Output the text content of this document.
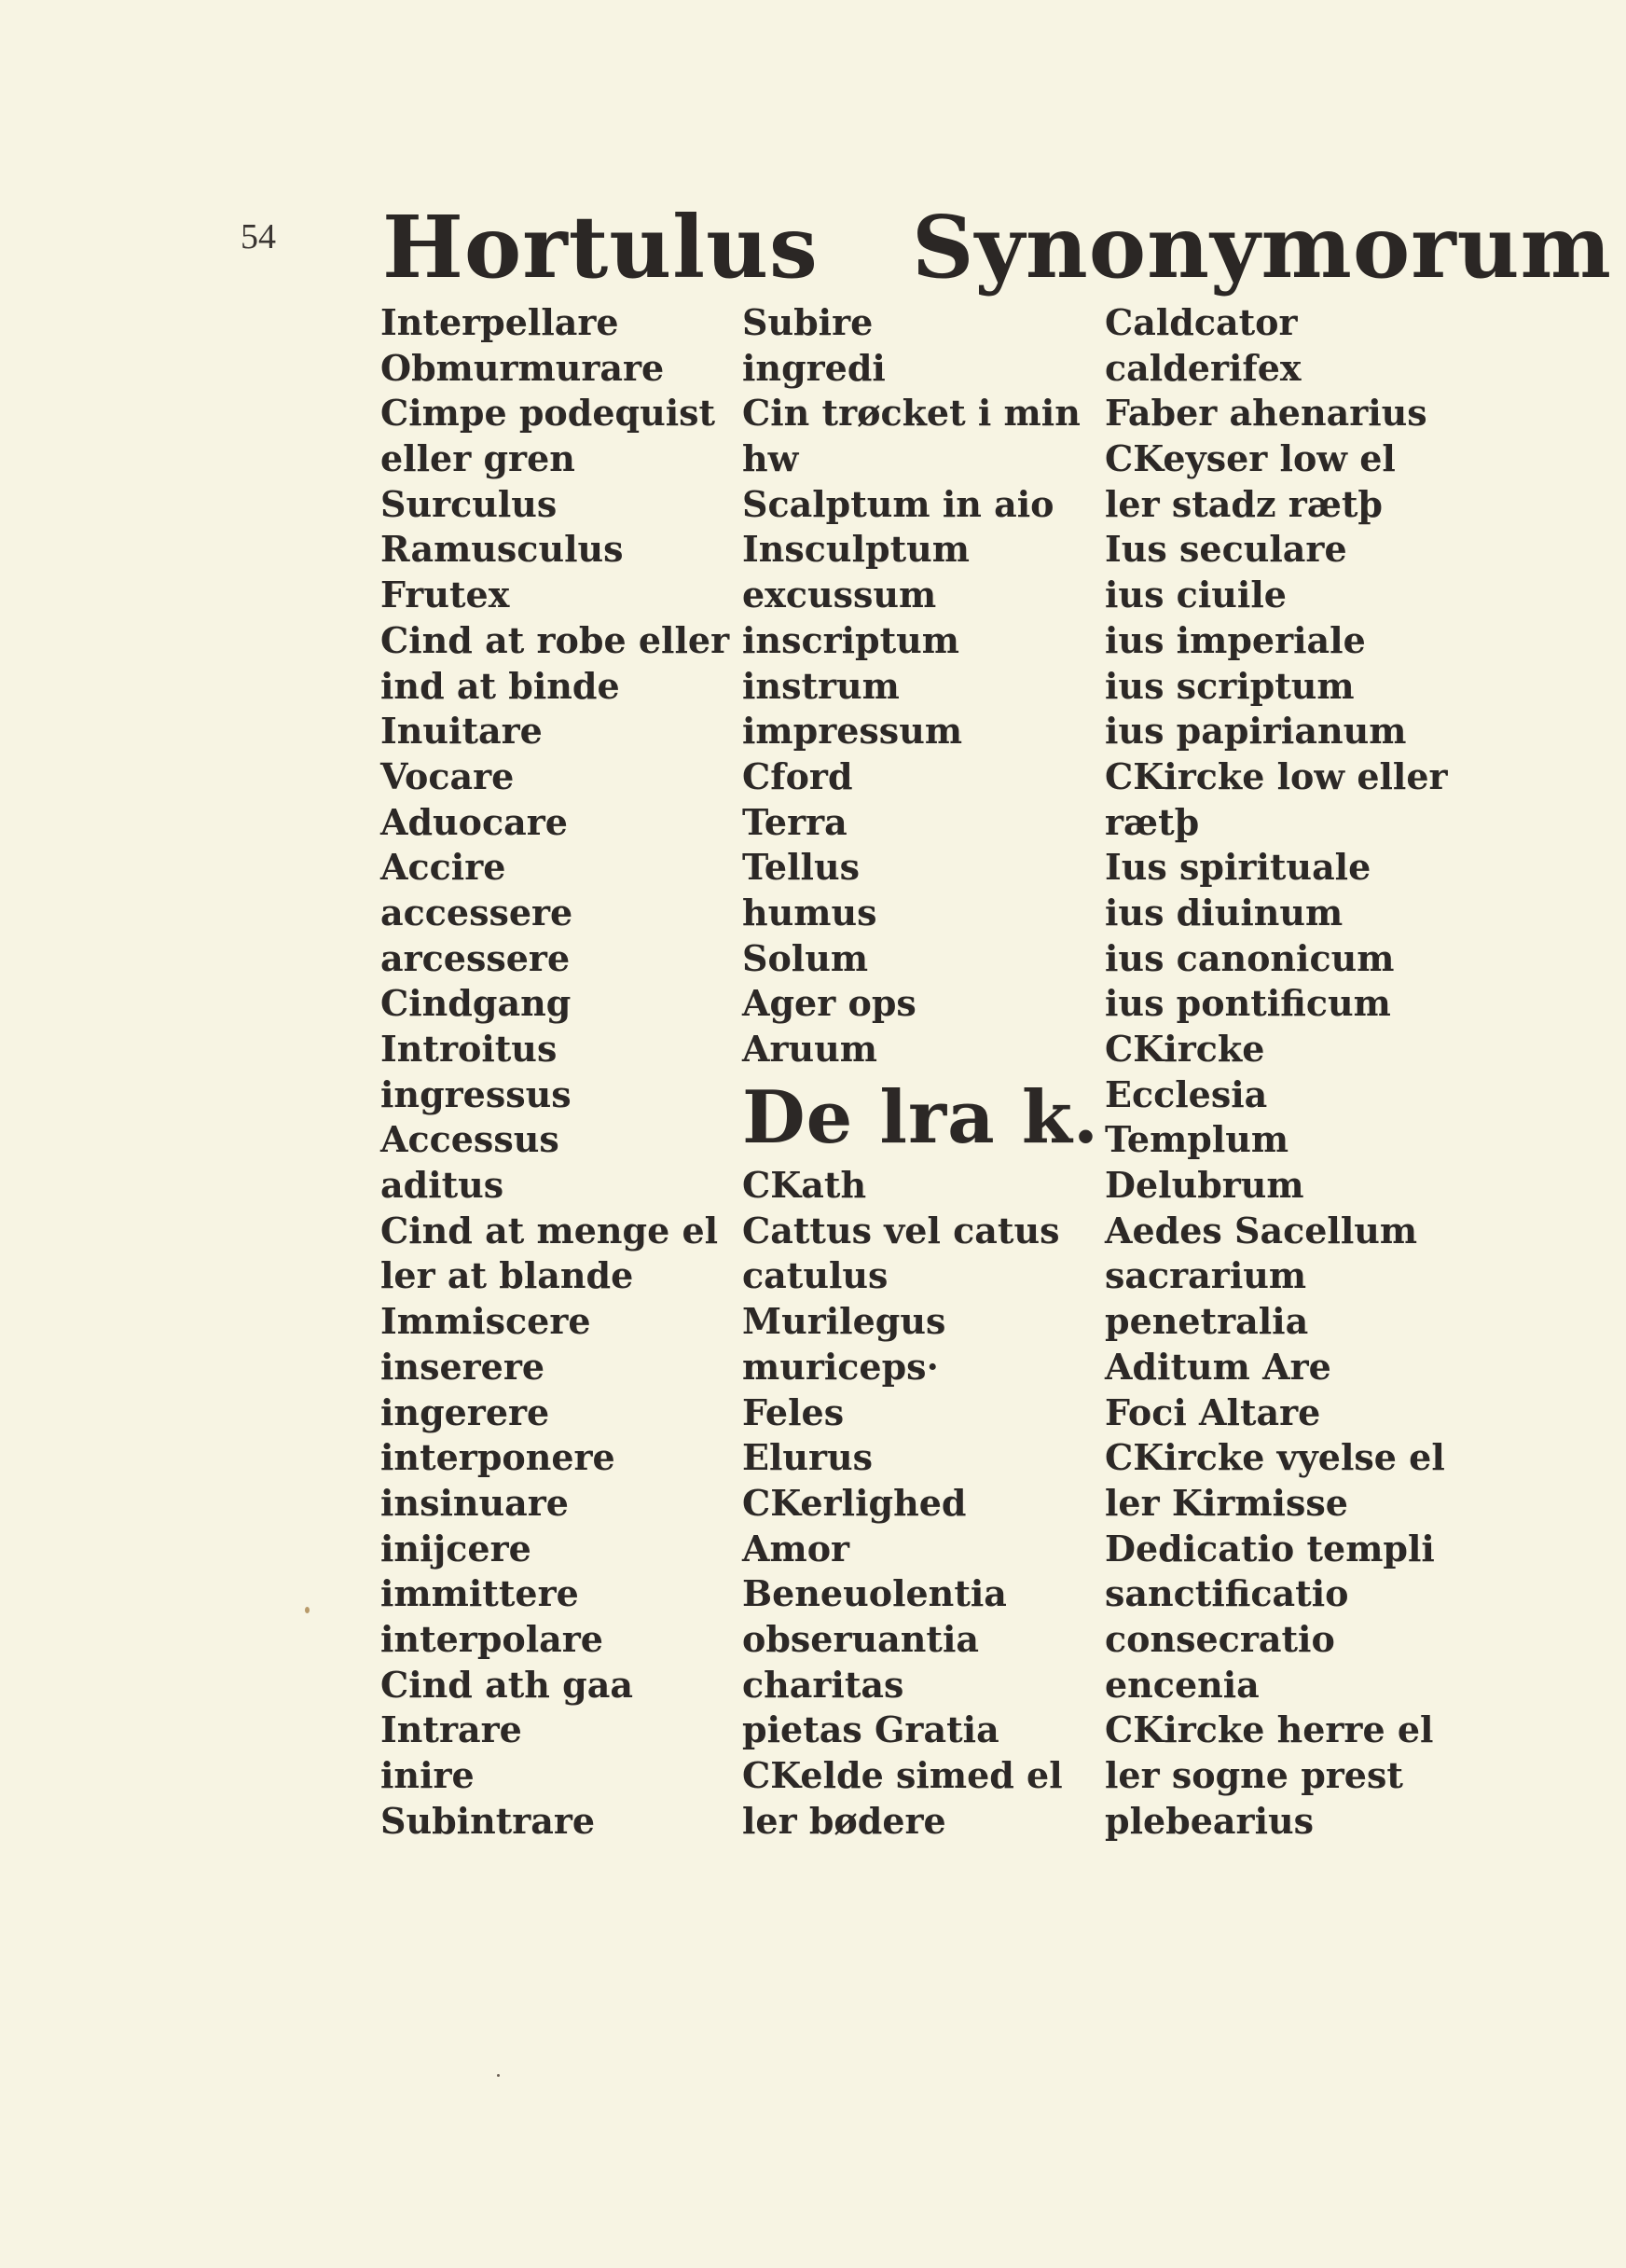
54 Hortulus Synonymorum
Interpellare
Obmurmurare
Cimpe podequist
eller gren
Surculus
Ramusculus
Frutex
Cind at robe eller
ind at binde
Inuitare
Vocare
Aduocare
Accire
accessere
arcessere
Cindgang
Introitus
ingressus
Accessus
aditus
Cind at menge el
ler at blande
Immiscere
inserere
ingerere
interponere
insinuare
inijcere
immittere
interpolare
Cind ath gaa
Intrare
inire
Subintrare
Subire
ingredi
Cin trøcket i min
hw
Scalptum in aio
Insculptum
excussum
inscriptum
instrum
impressum
Cford
Terra
Tellus
humus
Solum
Ager ops
Aruum
De lra k.
CKath
Cattus vel catus
catulus
Murilegus
muriceps·
Feles
Elurus
CKerlighed
Amor
Beneuolentia
obseruantia
charitas
pietas Gratia
CKelde simed el
ler bødere
Caldcator
calderifex
Faber ahenarius
CKeyser low el
ler stadz rætþ
Ius seculare
ius ciuile
ius imperiale
ius scriptum
ius papirianum
CKircke low eller
rætþ
Ius spirituale
ius diuinum
ius canonicum
ius pontificum
CKircke
Ecclesia
Templum
Delubrum
Aedes Sacellum
sacrarium
penetralia
Aditum Are
Foci Altare
CKircke vyelse el
ler Kirmisse
Dedicatio templi
sanctificatio
consecratio
encenia
CKircke herre el
ler sogne prest
plebearius
